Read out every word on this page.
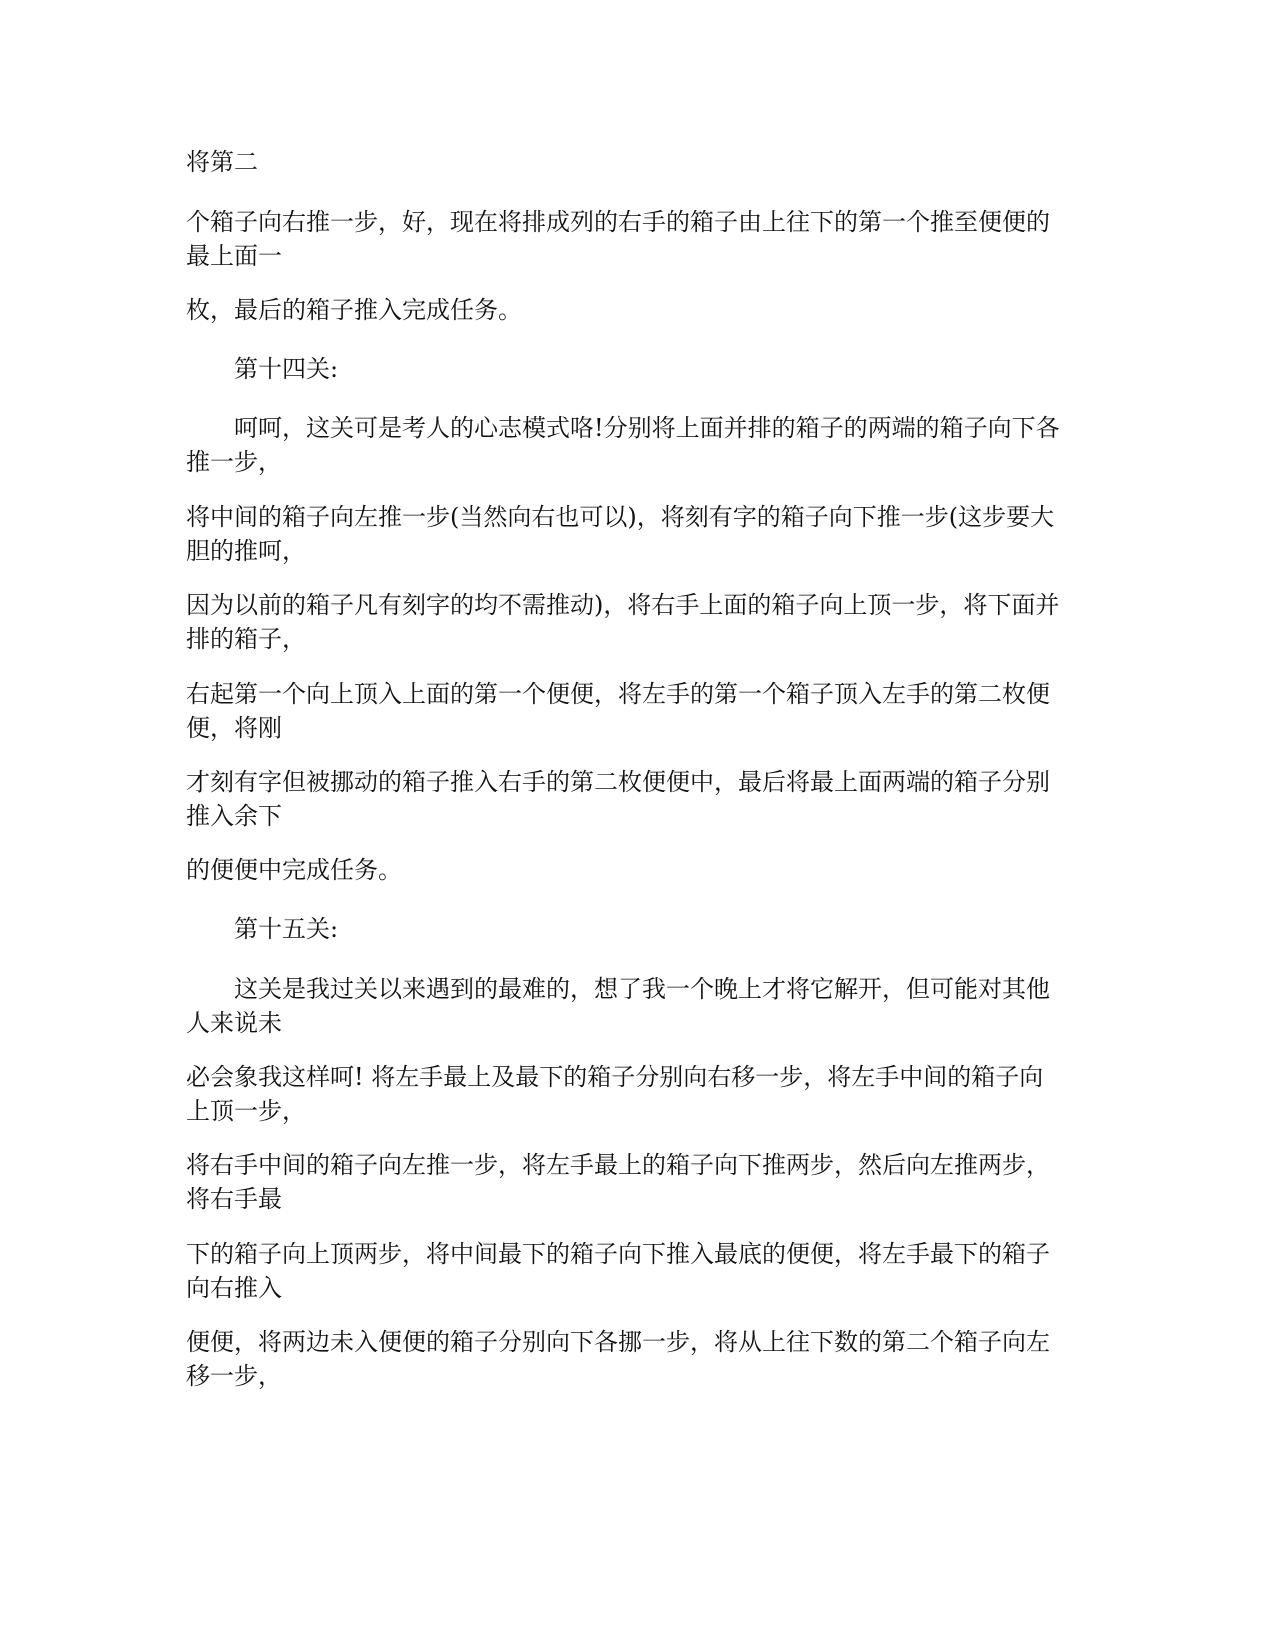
将第二

个箱子向右推一步，好，现在将排成列的右手的箱子由上往下的第一个推至便便的
最上面一

枚，最后的箱子推入完成任务。

第十四关:

呵呵，这关可是考人的心志模式咯!分别将上面并排的箱子的两端的箱子向下各
推一步，

将中间的箱子向左推一步(当然向右也可以)，将刻有字的箱子向下推一步(这步要大
胆的推呵，

因为以前的箱子凡有刻字的均不需推动)，将右手上面的箱子向上顶一步，将下面并
排的箱子，

右起第一个向上顶入上面的第一个便便，将左手的第一个箱子顶入左手的第二枚便
便，将刚

才刻有字但被挪动的箱子推入右手的第二枚便便中，最后将最上面两端的箱子分别
推入余下

的便便中完成任务。

第十五关:

这关是我过关以来遇到的最难的，想了我一个晚上才将它解开，但可能对其他
人来说未

必会象我这样呵! 将左手最上及最下的箱子分别向右移一步，将左手中间的箱子向
上顶一步，

将右手中间的箱子向左推一步，将左手最上的箱子向下推两步，然后向左推两步，
将右手最

下的箱子向上顶两步，将中间最下的箱子向下推入最底的便便，将左手最下的箱子
向右推入

便便，将两边未入便便的箱子分别向下各挪一步，将从上往下数的第二个箱子向左
移一步，
